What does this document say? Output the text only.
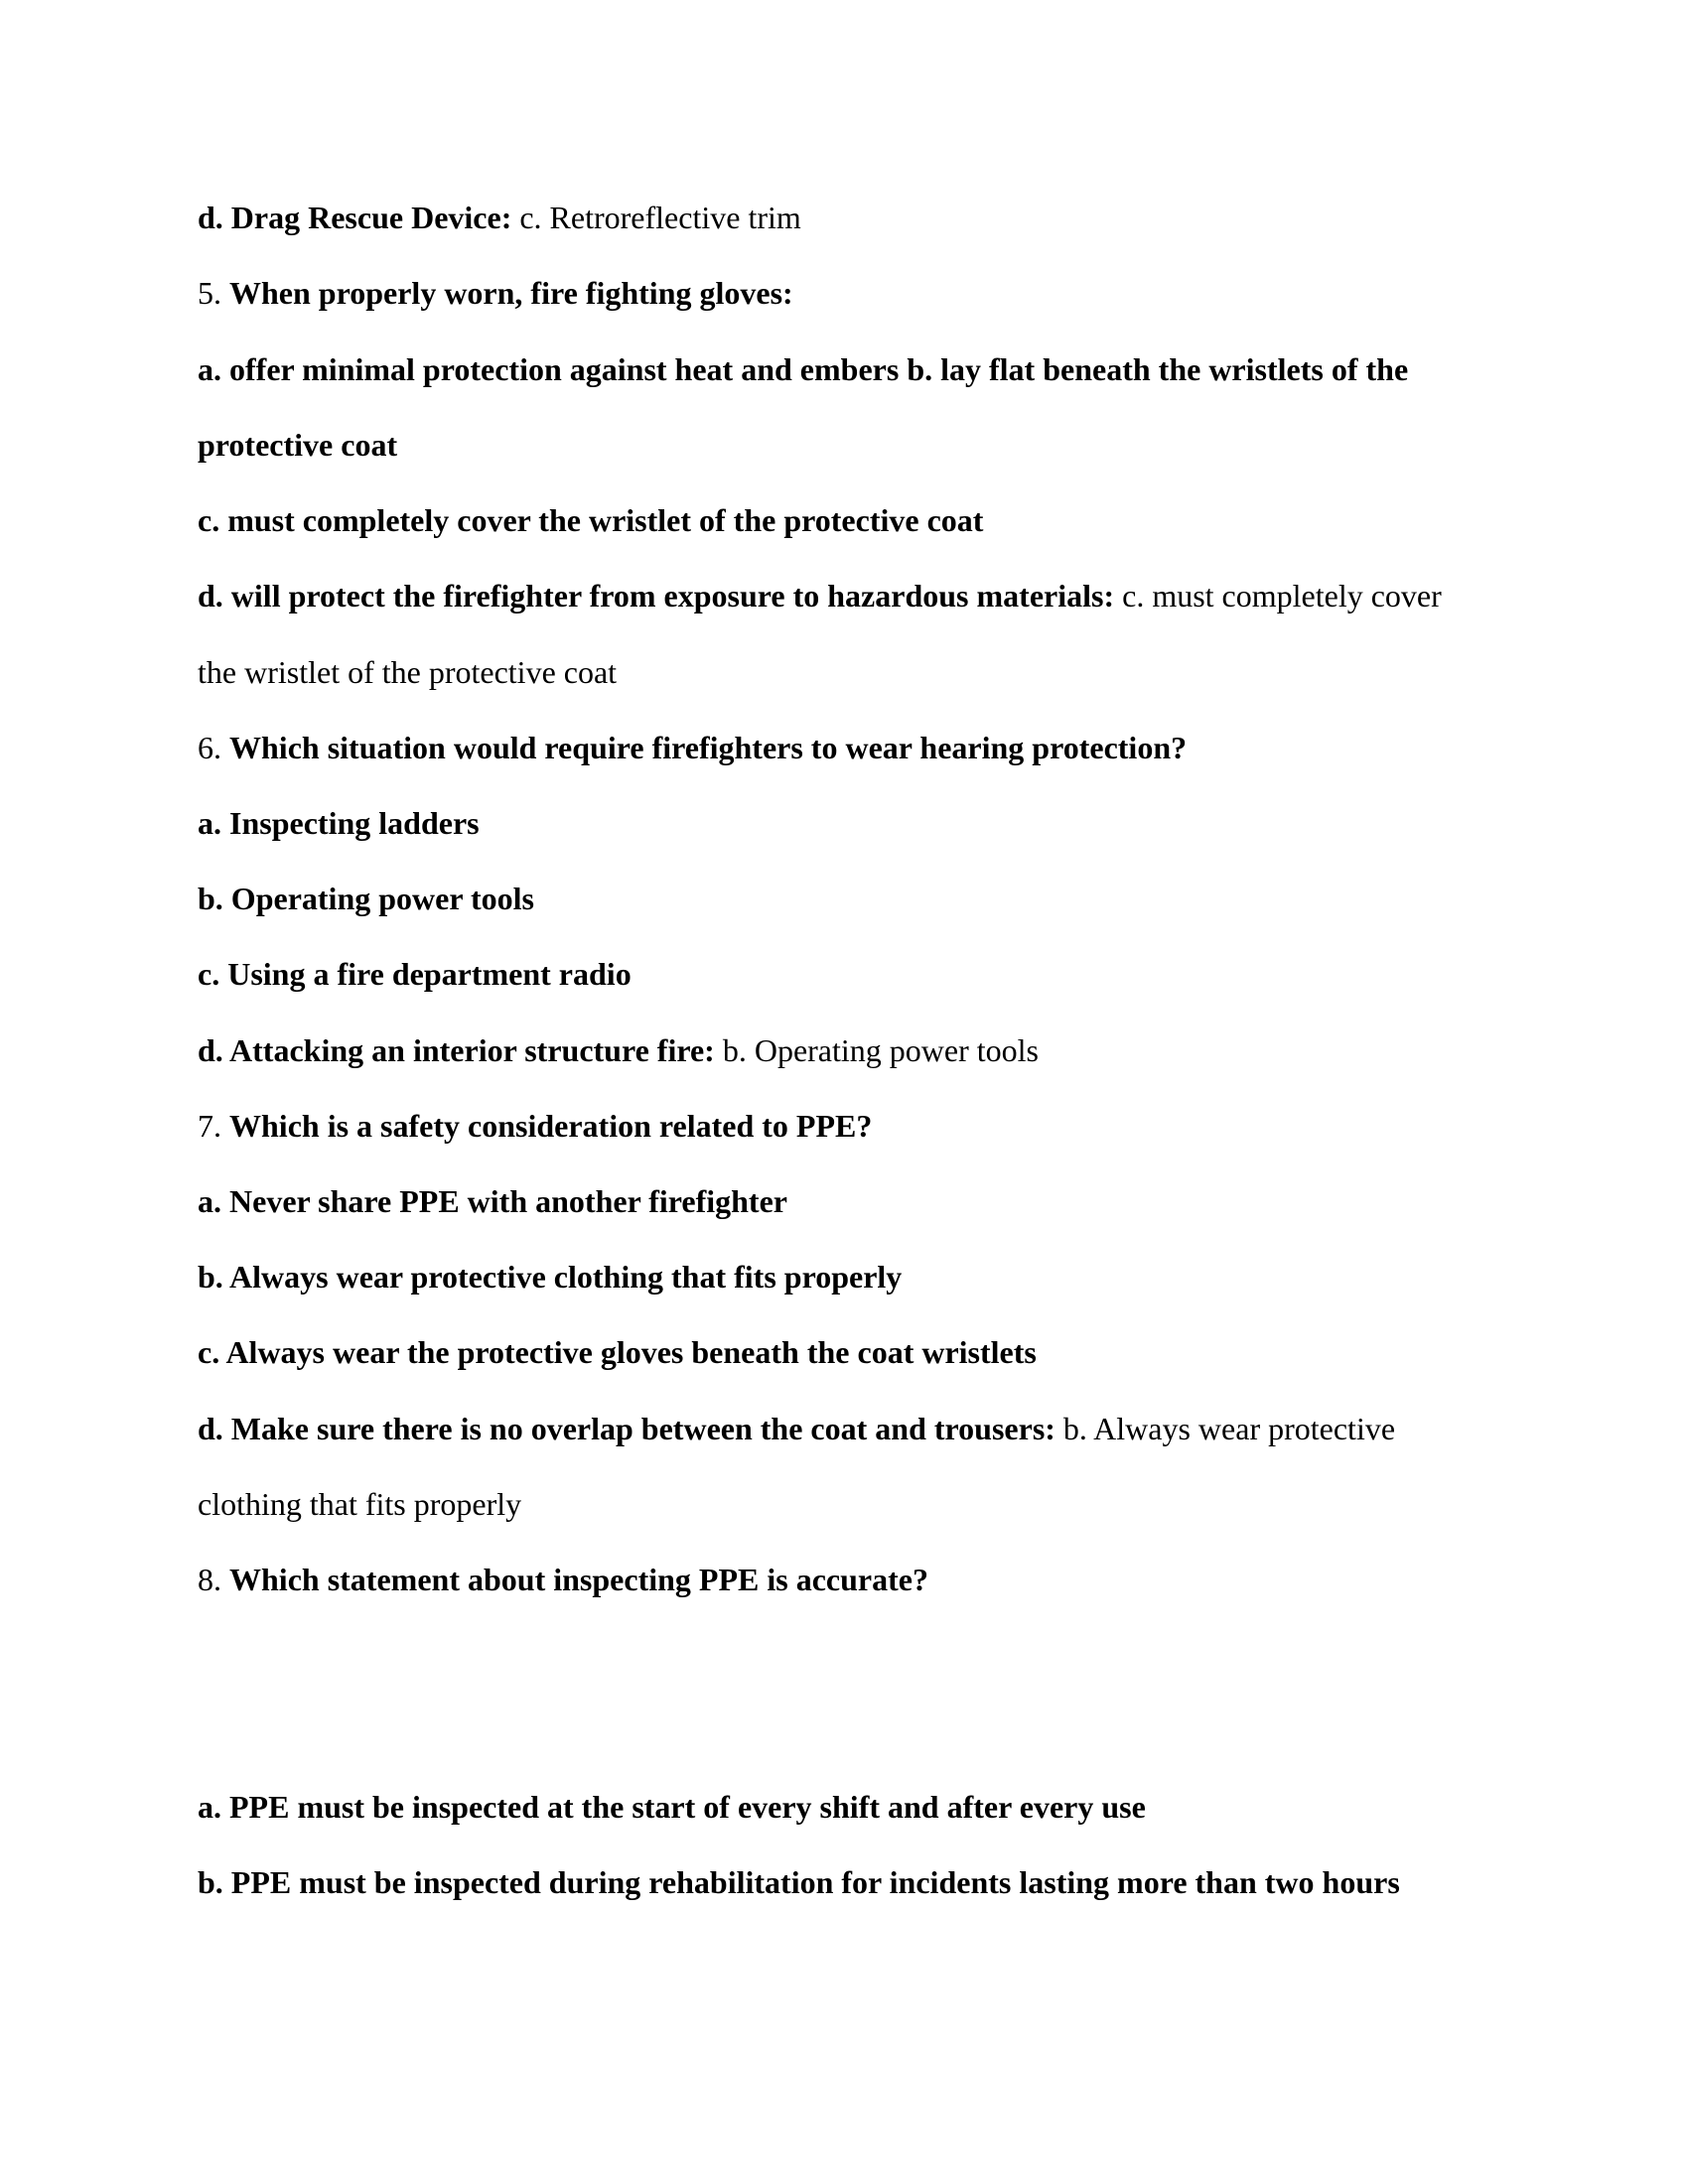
d. Drag Rescue Device: c. Retroreflective trim
5. When properly worn, fire fighting gloves:
a. offer minimal protection against heat and embers b. lay flat beneath the wristlets of the
protective coat
c. must completely cover the wristlet of the protective coat
d. will protect the firefighter from exposure to hazardous materials: c. must completely cover
the wristlet of the protective coat
6. Which situation would require firefighters to wear hearing protection?
a. Inspecting ladders
b. Operating power tools
c. Using a fire department radio
d. Attacking an interior structure fire: b. Operating power tools
7. Which is a safety consideration related to PPE?
a. Never share PPE with another firefighter
b. Always wear protective clothing that fits properly
c. Always wear the protective gloves beneath the coat wristlets
d. Make sure there is no overlap between the coat and trousers: b. Always wear protective
clothing that fits properly
8. Which statement about inspecting PPE is accurate?
a. PPE must be inspected at the start of every shift and after every use
b. PPE must be inspected during rehabilitation for incidents lasting more than two hours
